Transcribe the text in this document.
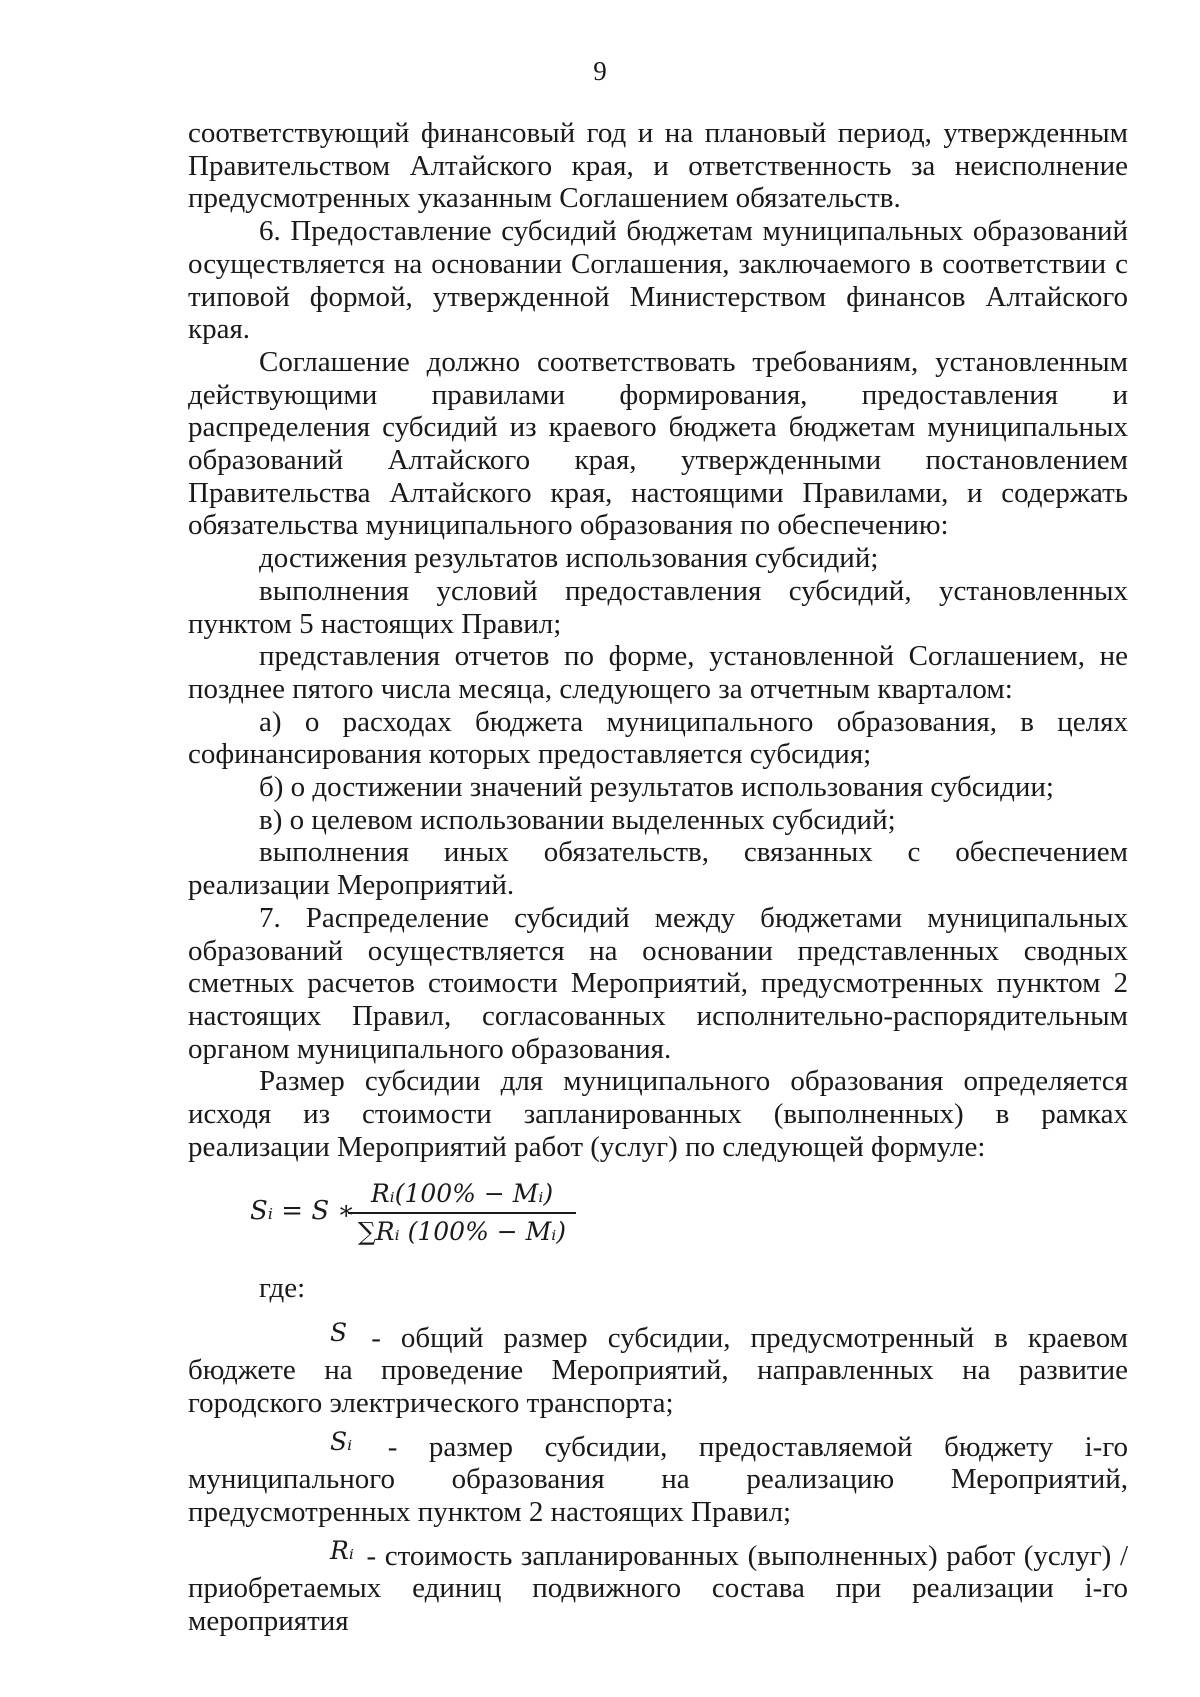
9

соответствующий финансовый год и на плановый период, утвержденным Правительством Алтайского края, и ответственность за неисполнение предусмотренных указанным Соглашением обязательств.

6. Предоставление субсидий бюджетам муниципальных образований осуществляется на основании Соглашения, заключаемого в соответствии с типовой формой, утвержденной Министерством финансов Алтайского края.

Соглашение должно соответствовать требованиям, установленным действующими правилами формирования, предоставления и распределения субсидий из краевого бюджета бюджетам муниципальных образований Алтайского края, утвержденными постановлением Правительства Алтайского края, настоящими Правилами, и содержать обязательства муниципального образования по обеспечению:

достижения результатов использования субсидий;

выполнения условий предоставления субсидий, установленных пунктом 5 настоящих Правил;

представления отчетов по форме, установленной Соглашением, не позднее пятого числа месяца, следующего за отчетным кварталом:

а) о расходах бюджета муниципального образования, в целях софинансирования которых предоставляется субсидия;

б) о достижении значений результатов использования субсидии;

в) о целевом использовании выделенных субсидий;

выполнения иных обязательств, связанных с обеспечением реализации Мероприятий.

7. Распределение субсидий между бюджетами муниципальных образований осуществляется на основании представленных сводных сметных расчетов стоимости Мероприятий, предусмотренных пунктом 2 настоящих Правил, согласованных исполнительно-распорядительным органом муниципального образования.

Размер субсидии для муниципального образования определяется исходя из стоимости запланированных (выполненных) в рамках реализации Мероприятий работ (услуг) по следующей формуле:

Sᵢ = S ∗
$\frac{\text{Rᵢ(100\% − Mᵢ)}}{\text{∑Rᵢ (100\% − Mᵢ)}}$
где:

S - общий размер субсидии, предусмотренный в краевом бюджете на проведение Мероприятий, направленных на развитие городского электрического транспорта;

Sᵢ - размер субсидии, предоставляемой бюджету i-го муниципального образования на реализацию Мероприятий, предусмотренных пунктом 2 настоящих Правил;

Rᵢ - стоимость запланированных (выполненных) работ (услуг) / приобретаемых единиц подвижного состава при реализации i-го мероприятия
